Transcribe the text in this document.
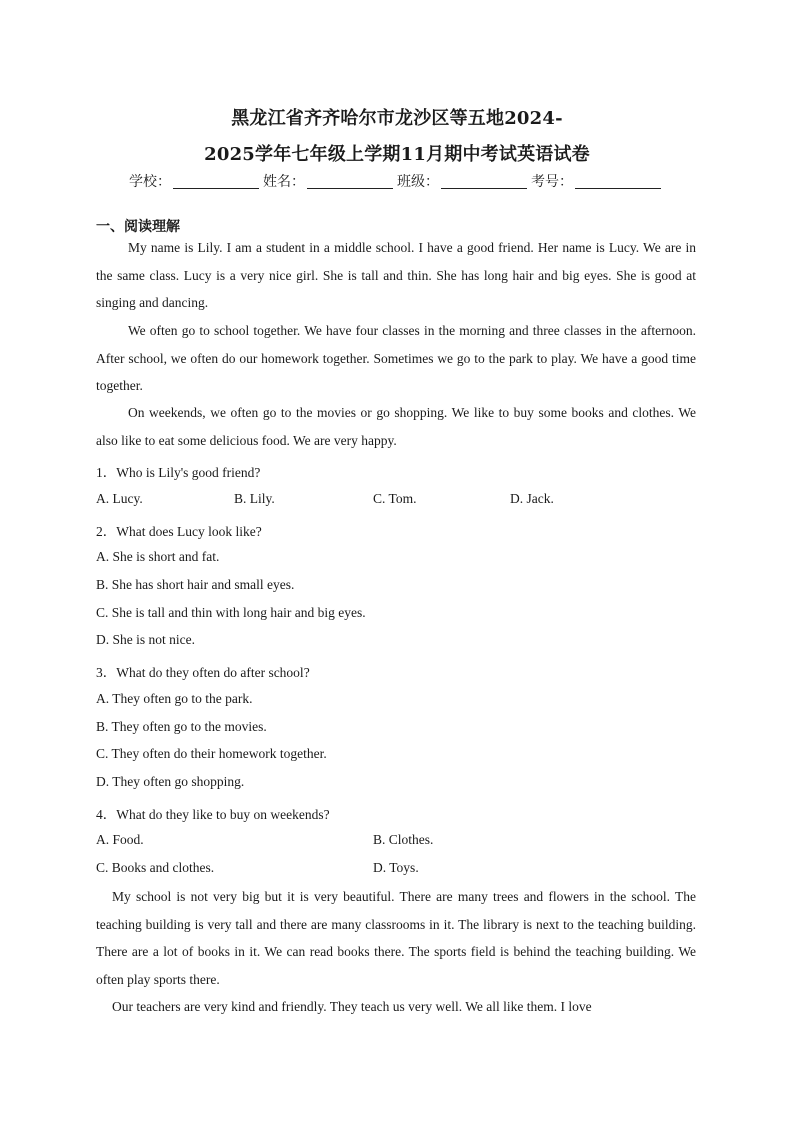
黑龙江省齐齐哈尔市龙沙区等五地2024-
2025学年七年级上学期11月期中考试英语试卷
学校：	姓名：	班级：	考号：
一、阅读理解

My name is Lily. I am a student in a middle school. I have a good friend. Her name is Lucy. We are in the same class. Lucy is a very nice girl. She is tall and thin. She has long hair and big eyes. She is good at singing and dancing.

We often go to school together. We have four classes in the morning and three classes in the afternoon. After school, we often do our homework together. Sometimes we go to the park to play. We have a good time together.

On weekends, we often go to the movies or go shopping. We like to buy some books and clothes. We also like to eat some delicious food. We are very happy.

1．Who is Lily's good friend?
A. Lucy.	B. Lily.	C. Tom.	D. Jack.
2．What does Lucy look like?
A. She is short and fat.
B. She has short hair and small eyes.
C. She is tall and thin with long hair and big eyes.
D. She is not nice.
3．What do they often do after school?
A. They often go to the park.
B. They often go to the movies.
C. They often do their homework together.
D. They often go shopping.
4．What do they like to buy on weekends?
A. Food.	B. Clothes.
C. Books and clothes.	D. Toys.

My school is not very big but it is very beautiful. There are many trees and flowers in the school. The teaching building is very tall and there are many classrooms in it. The library is next to the teaching building. There are a lot of books in it. We can read books there. The sports field is behind the teaching building. We often play sports there.

Our teachers are very kind and friendly. They teach us very well. We all like them. I love
